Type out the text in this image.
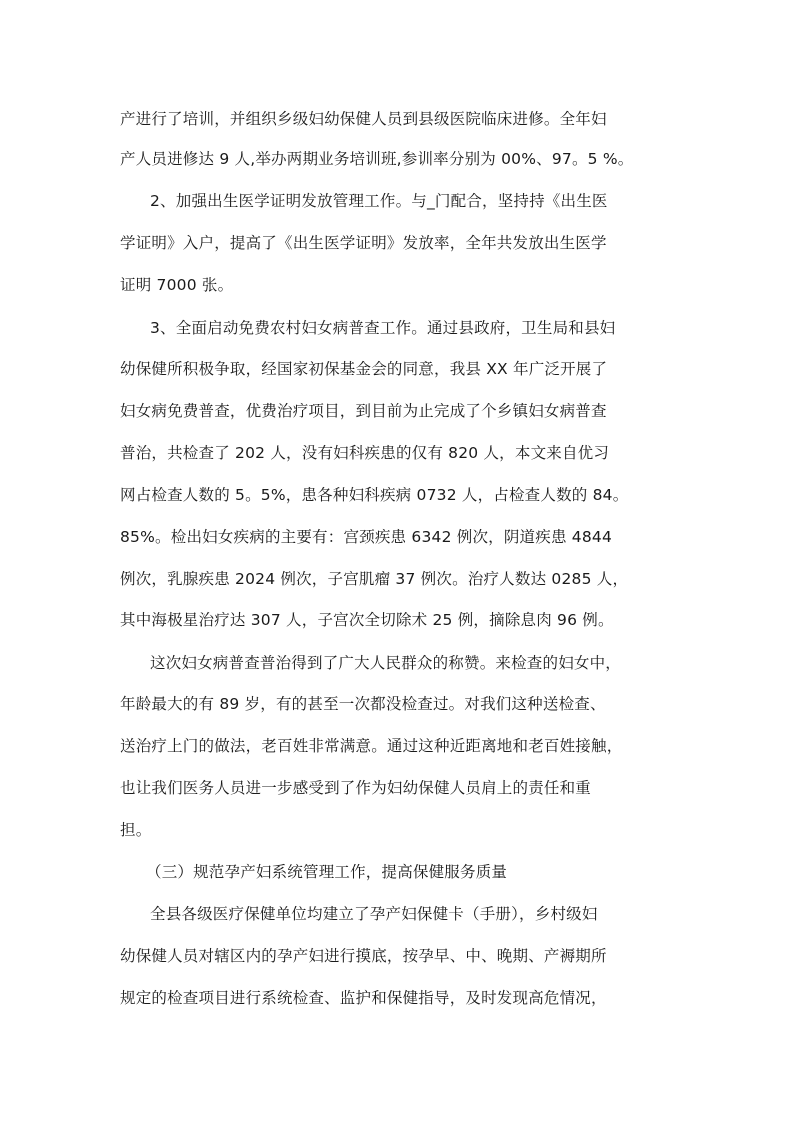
产进行了培训，并组织乡级妇幼保健人员到县级医院临床进修。全年妇
产人员进修达 9 人,举办两期业务培训班,参训率分别为 00%、97。5 %。
2、加强出生医学证明发放管理工作。与_门配合，坚持持《出生医
学证明》入户，提高了《出生医学证明》发放率，全年共发放出生医学
证明 7000 张。
3、全面启动免费农村妇女病普查工作。通过县政府，卫生局和县妇
幼保健所积极争取，经国家初保基金会的同意，我县 XX 年广泛开展了
妇女病免费普查，优费治疗项目，到目前为止完成了个乡镇妇女病普查
普治，共检查了 202 人，没有妇科疾患的仅有 820 人，本文来自优习
网占检查人数的 5。5%，患各种妇科疾病 0732 人，占检查人数的 84。
85%。检出妇女疾病的主要有：宫颈疾患 6342 例次，阴道疾患 4844
例次，乳腺疾患 2024 例次，子宫肌瘤 37 例次。治疗人数达 0285 人，
其中海极星治疗达 307 人，子宫次全切除术 25 例，摘除息肉 96 例。
这次妇女病普查普治得到了广大人民群众的称赞。来检查的妇女中，
年龄最大的有 89 岁，有的甚至一次都没检查过。对我们这种送检查、
送治疗上门的做法，老百姓非常满意。通过这种近距离地和老百姓接触，
也让我们医务人员进一步感受到了作为妇幼保健人员肩上的责任和重
担。
（三）规范孕产妇系统管理工作，提高保健服务质量
全县各级医疗保健单位均建立了孕产妇保健卡（手册），乡村级妇
幼保健人员对辖区内的孕产妇进行摸底，按孕早、中、晚期、产褥期所
规定的检查项目进行系统检查、监护和保健指导，及时发现高危情况，
